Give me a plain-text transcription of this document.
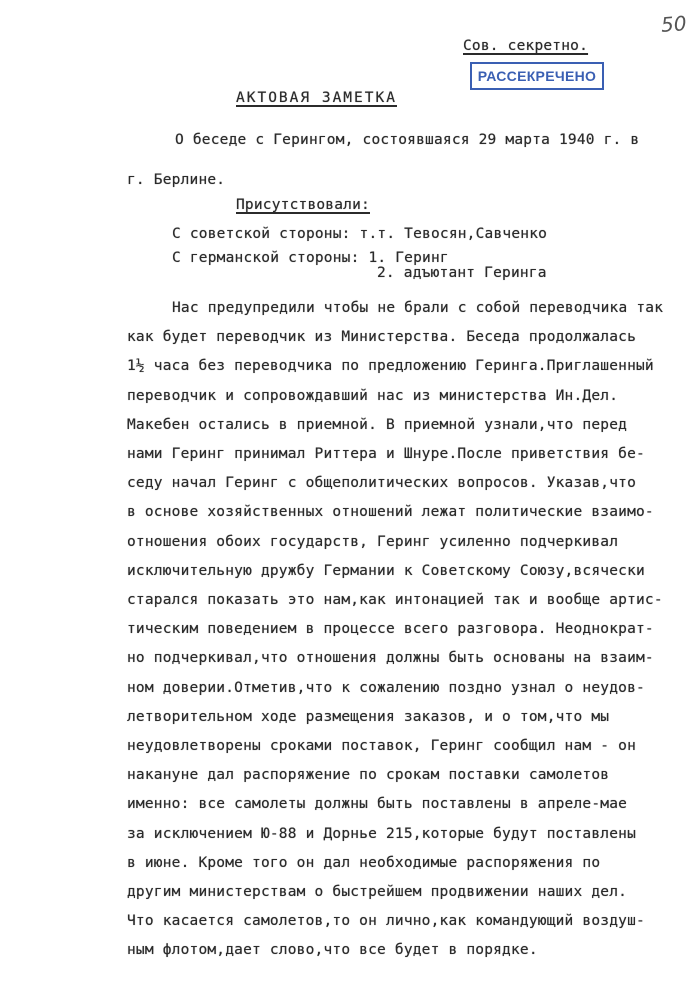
50
Сов. секретно.
РАССЕКРЕЧЕНО
АКТОВАЯ ЗАМЕТКА
О беседе с Герингом, состоявшаяся 29 марта 1940 г. в
г. Берлине.
Присутствовали:
С советской стороны: т.т. Тевосян,Савченко
С германской стороны: 1. Геринг
2. адъютант Геринга
Нас предупредили чтобы не брали с собой переводчика так
как будет переводчик из Министерства. Беседа продолжалась
1½ часа без переводчика по предложению Геринга.Приглашенный
переводчик и сопровождавший нас из министерства Ин.Дел.
Макебен остались в приемной. В приемной узнали,что перед
нами Геринг принимал Риттера и Шнуре.После приветствия бе-
седу начал Геринг с общеполитических вопросов. Указав,что
в основе хозяйственных отношений лежат политические взаимо-
отношения обоих государств, Геринг усиленно подчеркивал
исключительную дружбу Германии к Советскому Союзу,всячески
старался показать это нам,как интонацией так и вообще артис-
тическим поведением в процессе всего разговора. Неоднократ-
но подчеркивал,что отношения должны быть основаны на взаим-
ном доверии.Отметив,что к сожалению поздно узнал о неудов-
летворительном ходе размещения заказов, и о том,что мы
неудовлетворены сроками поставок, Геринг сообщил нам - он
накануне дал распоряжение по срокам поставки самолетов
именно: все самолеты должны быть поставлены в апреле-мае
за исключением Ю-88 и Дорнье 215,которые будут поставлены
в июне. Кроме того он дал необходимые распоряжения по
другим министерствам о быстрейшем продвижении наших дел.
Что касается самолетов,то он лично,как командующий воздуш-
ным флотом,дает слово,что все будет в порядке.
